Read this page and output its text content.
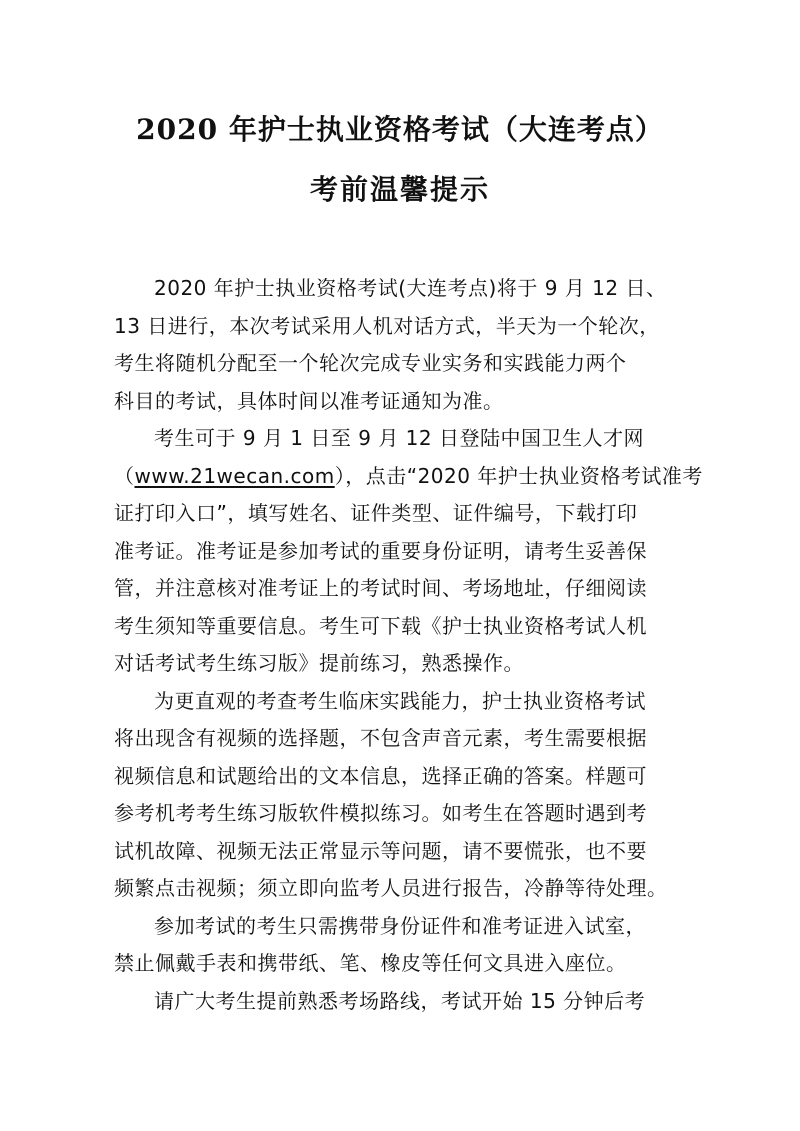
2020 年护士执业资格考试（大连考点）
考前温馨提示
2020 年护士执业资格考试(大连考点)将于 9 月 12 日、
13 日进行，本次考试采用人机对话方式，半天为一个轮次，
考生将随机分配至一个轮次完成专业实务和实践能力两个
科目的考试，具体时间以准考证通知为准。
考生可于 9 月 1 日至 9 月 12 日登陆中国卫生人才网
（www.21wecan.com），点击“2020 年护士执业资格考试准考
证打印入口”，填写姓名、证件类型、证件编号，下载打印
准考证。准考证是参加考试的重要身份证明，请考生妥善保
管，并注意核对准考证上的考试时间、考场地址，仔细阅读
考生须知等重要信息。考生可下载《护士执业资格考试人机
对话考试考生练习版》提前练习，熟悉操作。
为更直观的考查考生临床实践能力，护士执业资格考试
将出现含有视频的选择题，不包含声音元素，考生需要根据
视频信息和试题给出的文本信息，选择正确的答案。样题可
参考机考考生练习版软件模拟练习。如考生在答题时遇到考
试机故障、视频无法正常显示等问题，请不要慌张，也不要
频繁点击视频；须立即向监考人员进行报告，冷静等待处理。
参加考试的考生只需携带身份证件和准考证进入试室，
禁止佩戴手表和携带纸、笔、橡皮等任何文具进入座位。
请广大考生提前熟悉考场路线，考试开始 15 分钟后考
